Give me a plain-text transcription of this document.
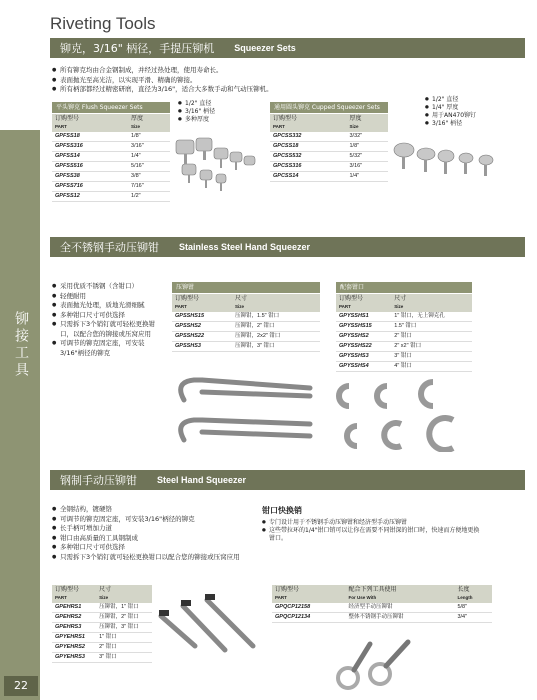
Riveting Tools
铆接工具
22
铆克，3/16" 柄径，手提压铆机 Squeezer Sets
● 所有铆克均由合金钢制成，并经过热处理，使用寿命长。
● 表面抛光至高光洁，以实现平滑、精确的铆接。
● 所有柄部都经过精密研磨，直径为3/16"，适合大多数手动和气动压铆机。
平头铆克 Flush Squeezer Sets
订购型号
PART	厚度
Size

GPFSS18	1/8"
GPFSS316	3/16"
GPFSS14	1/4"
GPFSS516	5/16"
GPFSS38	3/8"
GPFSS716	7/16"
GPFSS12	1/2"
● 1/2" 直径
● 3/16" 柄径
● 多种厚度
通用圆头铆克 Cupped Squeezer Sets
订购型号
PART	厚度
Size

GPCSS332	3/32"
GPCSS18	1/8"
GPCSS532	5/32"
GPCSS316	3/16"
GPCSS14	1/4"
● 1/2" 直径
● 1/4" 厚度
● 用于AN470铆钉
● 3/16" 柄径
全不锈钢手动压铆钳 Stainless Steel Hand Squeezer
● 采用优质不锈钢（含钳口）
● 轻便耐用
● 表面抛光处理，质地光滑细腻
● 多种钳口尺寸可供选择
● 只需拆下3个销钉就可轻松更换钳口，以配合您的铆接或压窝应用
● 可调节的铆克固定座，可安装3/16"柄径的铆克
压铆钳
订购型号
PART	尺寸
Size

GPSSHS15	压铆钳，1.5" 钳口
GPSSHS2	压铆钳，2" 钳口
GPSSHS22	压铆钳，2x2" 钳口
GPSSHS3	压铆钳，3" 钳口
配套钳口
订购型号
PART	尺寸
Size

GPYSSHS1	1" 钳口，无上铆克孔
GPYSSHS15	1.5" 钳口
GPYSSHS2	2" 钳口
GPYSSHS22	2" x2" 钳口
GPYSSHS3	3" 钳口
GPYSSHS4	4" 钳口
钢制手动压铆钳 Steel Hand Squeezer
● 全钢结构，镀硬铬
● 可调节的铆克固定座，可安装3/16"柄径的铆克
● 长手柄可增加力道
● 钳口由高质量的工具钢制成
● 多种钳口尺寸可供选择
● 只需拆下3个销钉就可轻松更换钳口以配合您的铆接或压窝应用
钳口快换销
● 专门设计用于不锈钢手动压铆钳和经济型手动压铆钳
● 这些带拉环的1/4"钳口销可以让你在需要不同钳深的钳口时，快速而方便地更换钳口。
订购型号
PART	尺寸
Size

GPEHRS1	压铆钳，1" 钳口
GPEHRS2	压铆钳，2" 钳口
GPEHRS3	压铆钳，3" 钳口
GPYEHRS1	1" 钳口
GPYEHRS2	2" 钳口
GPYEHRS3	3" 钳口
订购型号
PART	配合下列工具使用
For Use With	长度
Length

GPQCP12158	经济型手动压铆钳	5/8"
GPQCP12134	整体不锈钢手动压铆钳	3/4"
